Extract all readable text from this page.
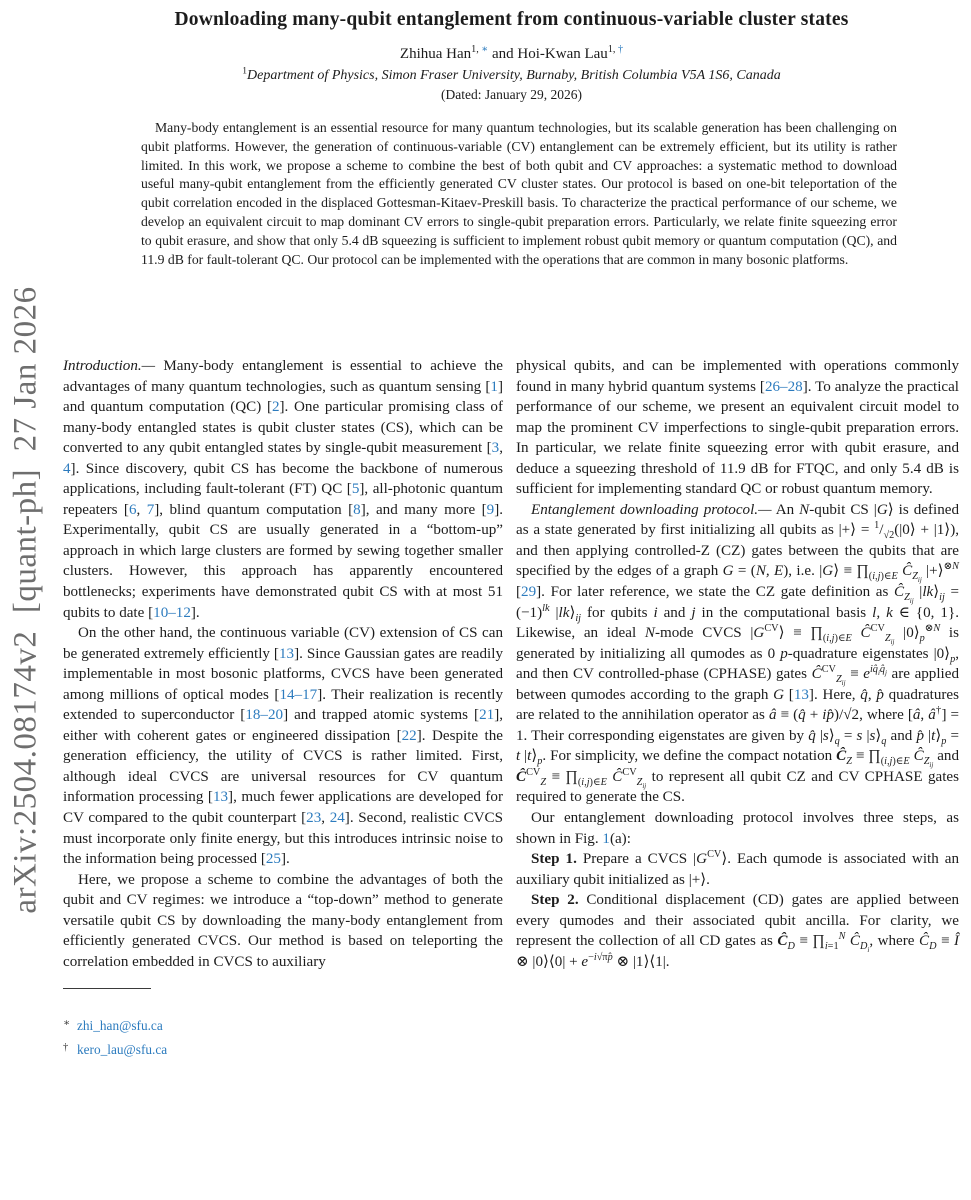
arXiv:2504.08174v2  [quant-ph]  27 Jan 2026
Downloading many-qubit entanglement from continuous-variable cluster states
Zhihua Han$^{1, ∗}$ and Hoi-Kwan Lau$^{1, \dagger}$
$^1$Department of Physics, Simon Fraser University, Burnaby, British Columbia V5A 1S6, Canada
(Dated: January 29, 2026)
Many-body entanglement is an essential resource for many quantum technologies, but its scalable generation has been challenging on qubit platforms. However, the generation of continuous-variable (CV) entanglement can be extremely efficient, but its utility is rather limited. In this work, we propose a scheme to combine the best of both qubit and CV approaches: a systematic method to download useful many-qubit entanglement from the efficiently generated CV cluster states. Our protocol is based on one-bit teleportation of the qubit correlation encoded in the displaced Gottesman-Kitaev-Preskill basis. To characterize the practical performance of our scheme, we develop an equivalent circuit to map dominant CV errors to single-qubit preparation errors. Particularly, we relate finite squeezing error to qubit erasure, and show that only 5.4 dB squeezing is sufficient to implement robust qubit memory or quantum computation (QC), and 11.9 dB for fault-tolerant QC. Our protocol can be implemented with the operations that are common in many bosonic platforms.

Introduction.— Many-body entanglement is essential to achieve the advantages of many quantum technologies, such as quantum sensing [1] and quantum computation (QC) [2]. One particular promising class of many-body entangled states is qubit cluster states (CS), which can be converted to any qubit entangled states by single-qubit measurement [3, 4]. Since discovery, qubit CS has become the backbone of numerous applications, including fault-tolerant (FT) QC [5], all-photonic quantum repeaters [6, 7], blind quantum computation [8], and many more [9]. Experimentally, qubit CS are usually generated in a “bottom-up” approach in which large clusters are formed by sewing together smaller clusters. However, this approach has apparently encountered bottlenecks; experiments have demonstrated qubit CS with at most 51 qubits to date [10–12].

On the other hand, the continuous variable (CV) extension of CS can be generated extremely efficiently [13]. Since Gaussian gates are readily implementable in most bosonic platforms, CVCS have been generated among millions of optical modes [14–17]. Their realization is recently extended to superconductor [18–20] and trapped atomic systems [21], either with coherent gates or engineered dissipation [22]. Despite the generation efficiency, the utility of CVCS is rather limited. First, although ideal CVCS are universal resources for CV quantum information processing [13], much fewer applications are developed for CV compared to the qubit counterpart [23, 24]. Second, realistic CVCS must incorporate only finite energy, but this introduces intrinsic noise to the information being processed [25].

Here, we propose a scheme to combine the advantages of both the qubit and CV regimes: we introduce a “top-down” method to generate versatile qubit CS by downloading the many-body entanglement from efficiently generated CVCS. Our method is based on teleporting the correlation embedded in CVCS to auxiliary

∗ zhi_han@sfu.ca
† kero_lau@sfu.ca

physical qubits, and can be implemented with operations commonly found in many hybrid quantum systems [26–28]. To analyze the practical performance of our scheme, we present an equivalent circuit model to map the prominent CV imperfections to single-qubit preparation errors. In particular, we relate finite squeezing error with qubit erasure, and deduce a squeezing threshold of 11.9 dB for FTQC, and only 5.4 dB is sufficient for implementing standard QC or robust quantum memory.

Entanglement downloading protocol.— An N-qubit CS |G⟩ is defined as a state generated by first initializing all qubits as |+⟩ = $^1/_{√2}(|0⟩$ + |1⟩), and then applying controlled-Z (CZ) gates between the qubits that are specified by the edges of a graph G = (N, E), i.e. |G⟩ ≡ $\prod_{(i,j)\in E}$ $Ĉ_{Z_{ij}}$ |+⟩$^{\otimes N}$ [29]. For later reference, we state the CZ gate definition as $Ĉ_{Z_{ij}}$ $|lk⟩_{ij} = (-1)^{lk}$ $|lk⟩_{ij}$ for qubits i and j in the computational basis l, k ∈ {0, 1}. Likewise, an ideal N-mode CVCS $|G^{CV}⟩$ ≡ $\prod_{(i,j)\in E}$ $Ĉ^{CV}_{Z_{ij}}$ $|0⟩_p^{\otimes N}$ is generated by initializing all qumodes as 0 p-quadrature eigenstates $|0⟩_p$, and then CV controlled-phase (CPHASE) gates $Ĉ^{CV}_{Z_{ij}} \equiv e^{iq̂_iq̂_j}$ are applied between qumodes according to the graph G [13]. Here, q̂, p̂ quadratures are related to the annihilation operator as â ≡ (q̂ + ip̂)/√2, where [â, â†] = 1. Their corresponding eigenstates are given by q̂ $|s⟩_q = s$ $|s⟩_q$ and p̂ $|t⟩_p = t$ $|t⟩_p$. For simplicity, we define the compact notation $Ĉ_Z$ ≡ $\prod_{(i,j)\in E}$ $Ĉ_{Z_{ij}}$ and $Ĉ^{CV}_Z$ ≡ $\prod_{(i,j)\in E}$ $Ĉ^{CV}_{Z_{ij}}$ to represent all qubit CZ and CV CPHASE gates required to generate the CS.

Our entanglement downloading protocol involves three steps, as shown in Fig. 1(a):

Step 1. Prepare a CVCS $|G^{CV}⟩$. Each qumode is associated with an auxiliary qubit initialized as |+⟩.

Step 2. Conditional displacement (CD) gates are applied between every qumodes and their associated qubit ancilla. For clarity, we represent the collection of all CD gates as $Ĉ_D$ ≡ $\prod_{i=1}^N$ $Ĉ_{D_i}$, where $Ĉ_D$ ≡ Î ⊗ |0⟩⟨0| + $e^{-i√\pi p̂}$ ⊗ |1⟩⟨1|.
